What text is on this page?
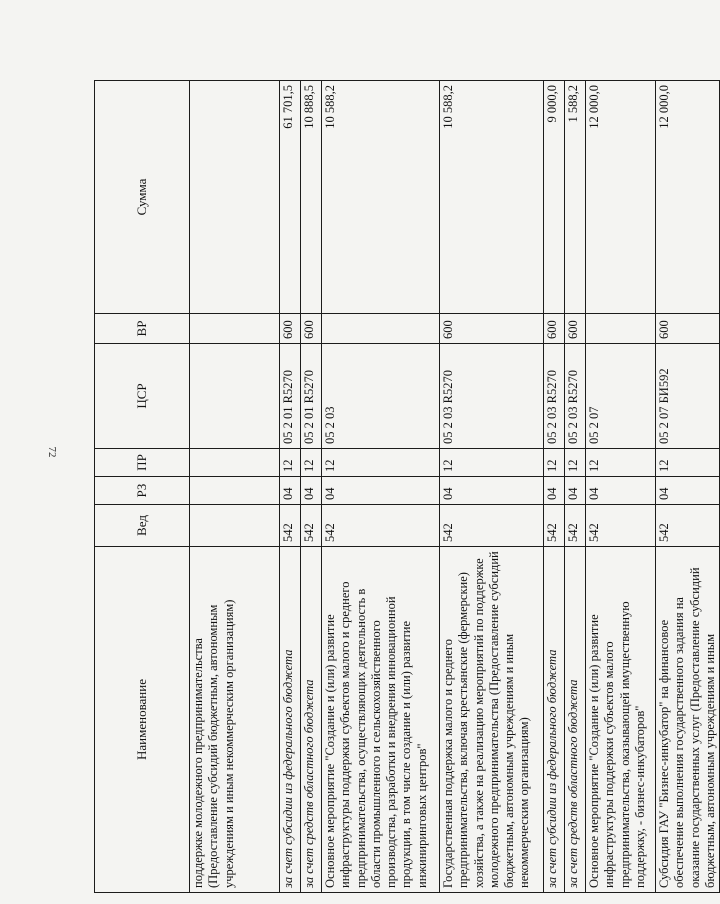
72
Наименование	Вед	РЗ	ПР	ЦСР	ВР	Сумма
поддержке молодежного предпринимательства (Предоставление субсидий бюджетным, автономным учреждениям и иным некоммерческим организациям)						
за счет субсидии из федерального бюджета	542	04	12	05 2 01 R5270	600	61 701,5
за счет средств областного бюджета	542	04	12	05 2 01 R5270	600	10 888,5
Основное мероприятие "Создание и (или) развитие инфраструктуры поддержки субъектов малого и среднего предпринимательства, осуществляющих деятельность в области промышленного и сельскохозяйственного производства, разработки и внедрения инновационной продукции, в том числе создание и (или) развитие инжиниринговых центров"	542	04	12	05 2 03		10 588,2
Государственная поддержка малого и среднего предпринимательства, включая крестьянские (фермерские) хозяйства, а также на реализацию мероприятий по поддержке молодежного предпринимательства (Предоставление субсидий бюджетным, автономным учреждениям и иным некоммерческим организациям)	542	04	12	05 2 03 R5270	600	10 588,2
за счет субсидии из федерального бюджета	542	04	12	05 2 03 R5270	600	9 000,0
за счет средств областного бюджета	542	04	12	05 2 03 R5270	600	1 588,2
Основное мероприятие "Создание и (или) развитие инфраструктуры поддержки субъектов малого предпринимательства, оказывающей имущественную поддержку, - бизнес-инкубаторов"	542	04	12	05 2 07		12 000,0
Субсидия ГАУ "Бизнес-инкубатор" на финансовое обеспечение выполнения государственного задания на оказание государственных услуг (Предоставление субсидий бюджетным, автономным учреждениям и иным	542	04	12	05 2 07 БИ592	600	12 000,0
